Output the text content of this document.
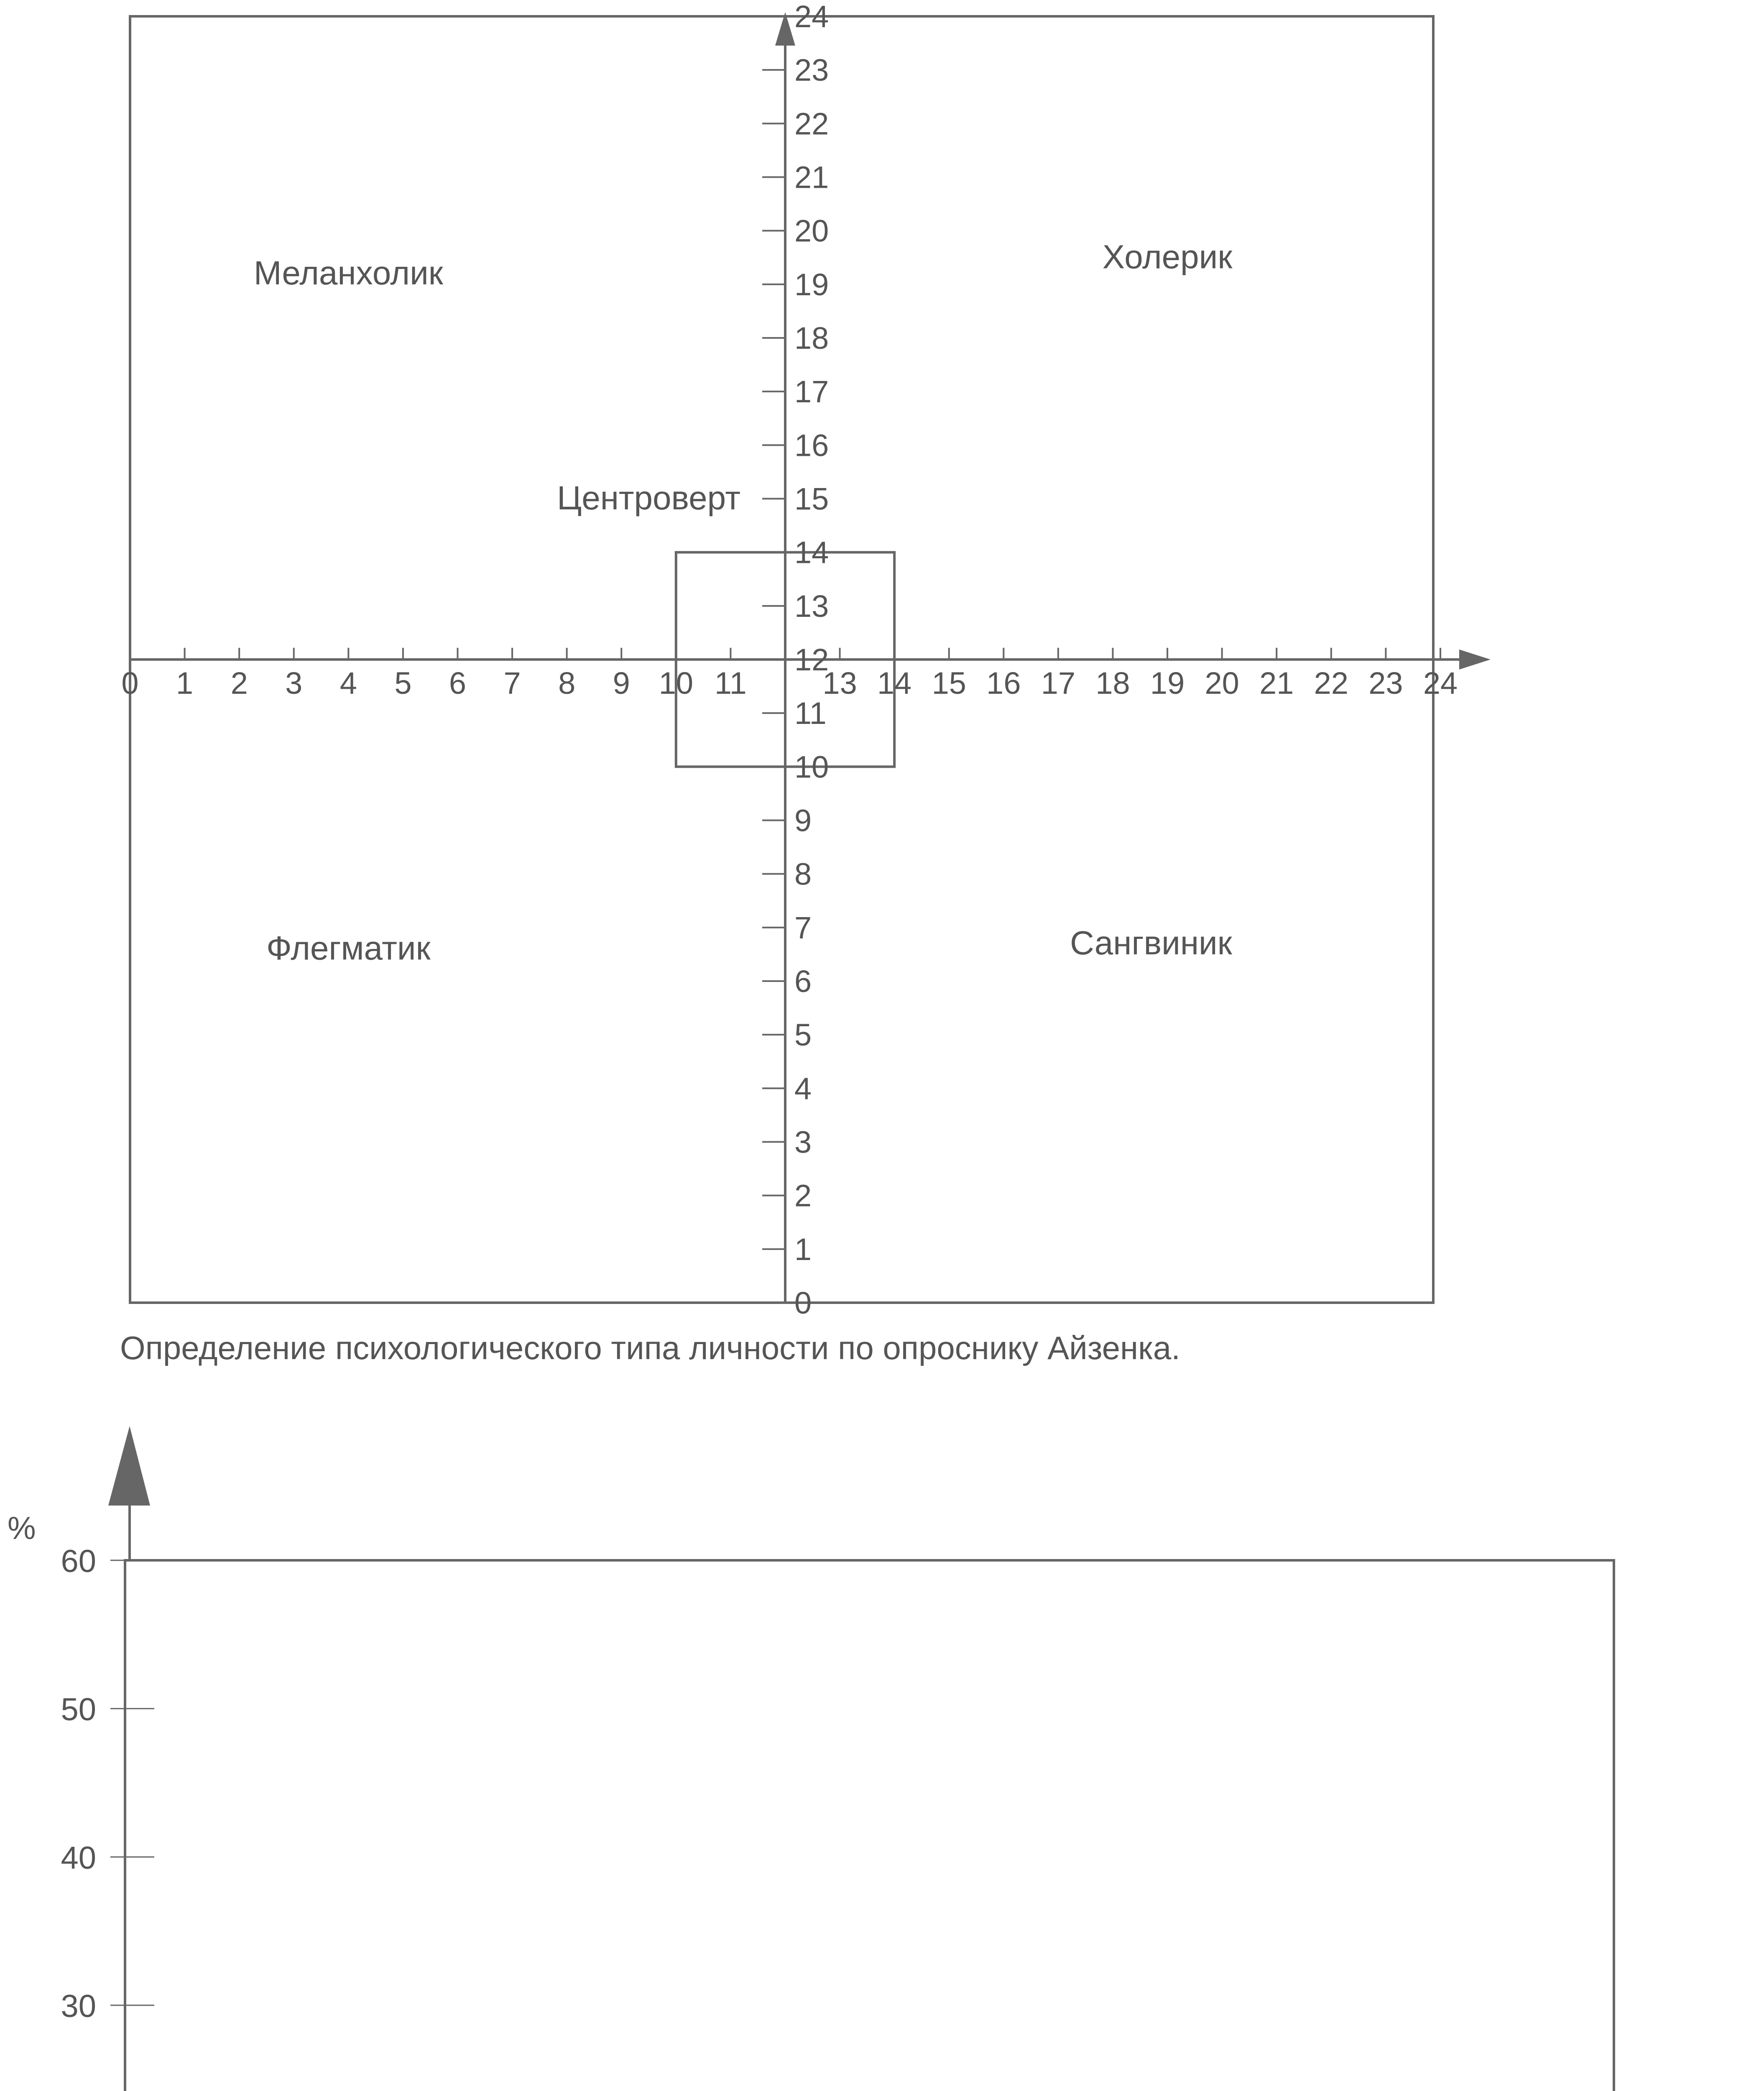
0 1 2 3 4 5 6 7 8 9 10 11 13 14 15 16 17 18 19 20 21 22 23 24
0
1
2
3
4
5
6
7
8
9
10
11
12
13
14
15
16
17
18
19
20
21
22
23
24
Меланхолик	Холерик
Центроверт
Флегматик	Сангвиник
Определение психологического типа личности по опроснику Айзенка.
30
40
50
60
%
